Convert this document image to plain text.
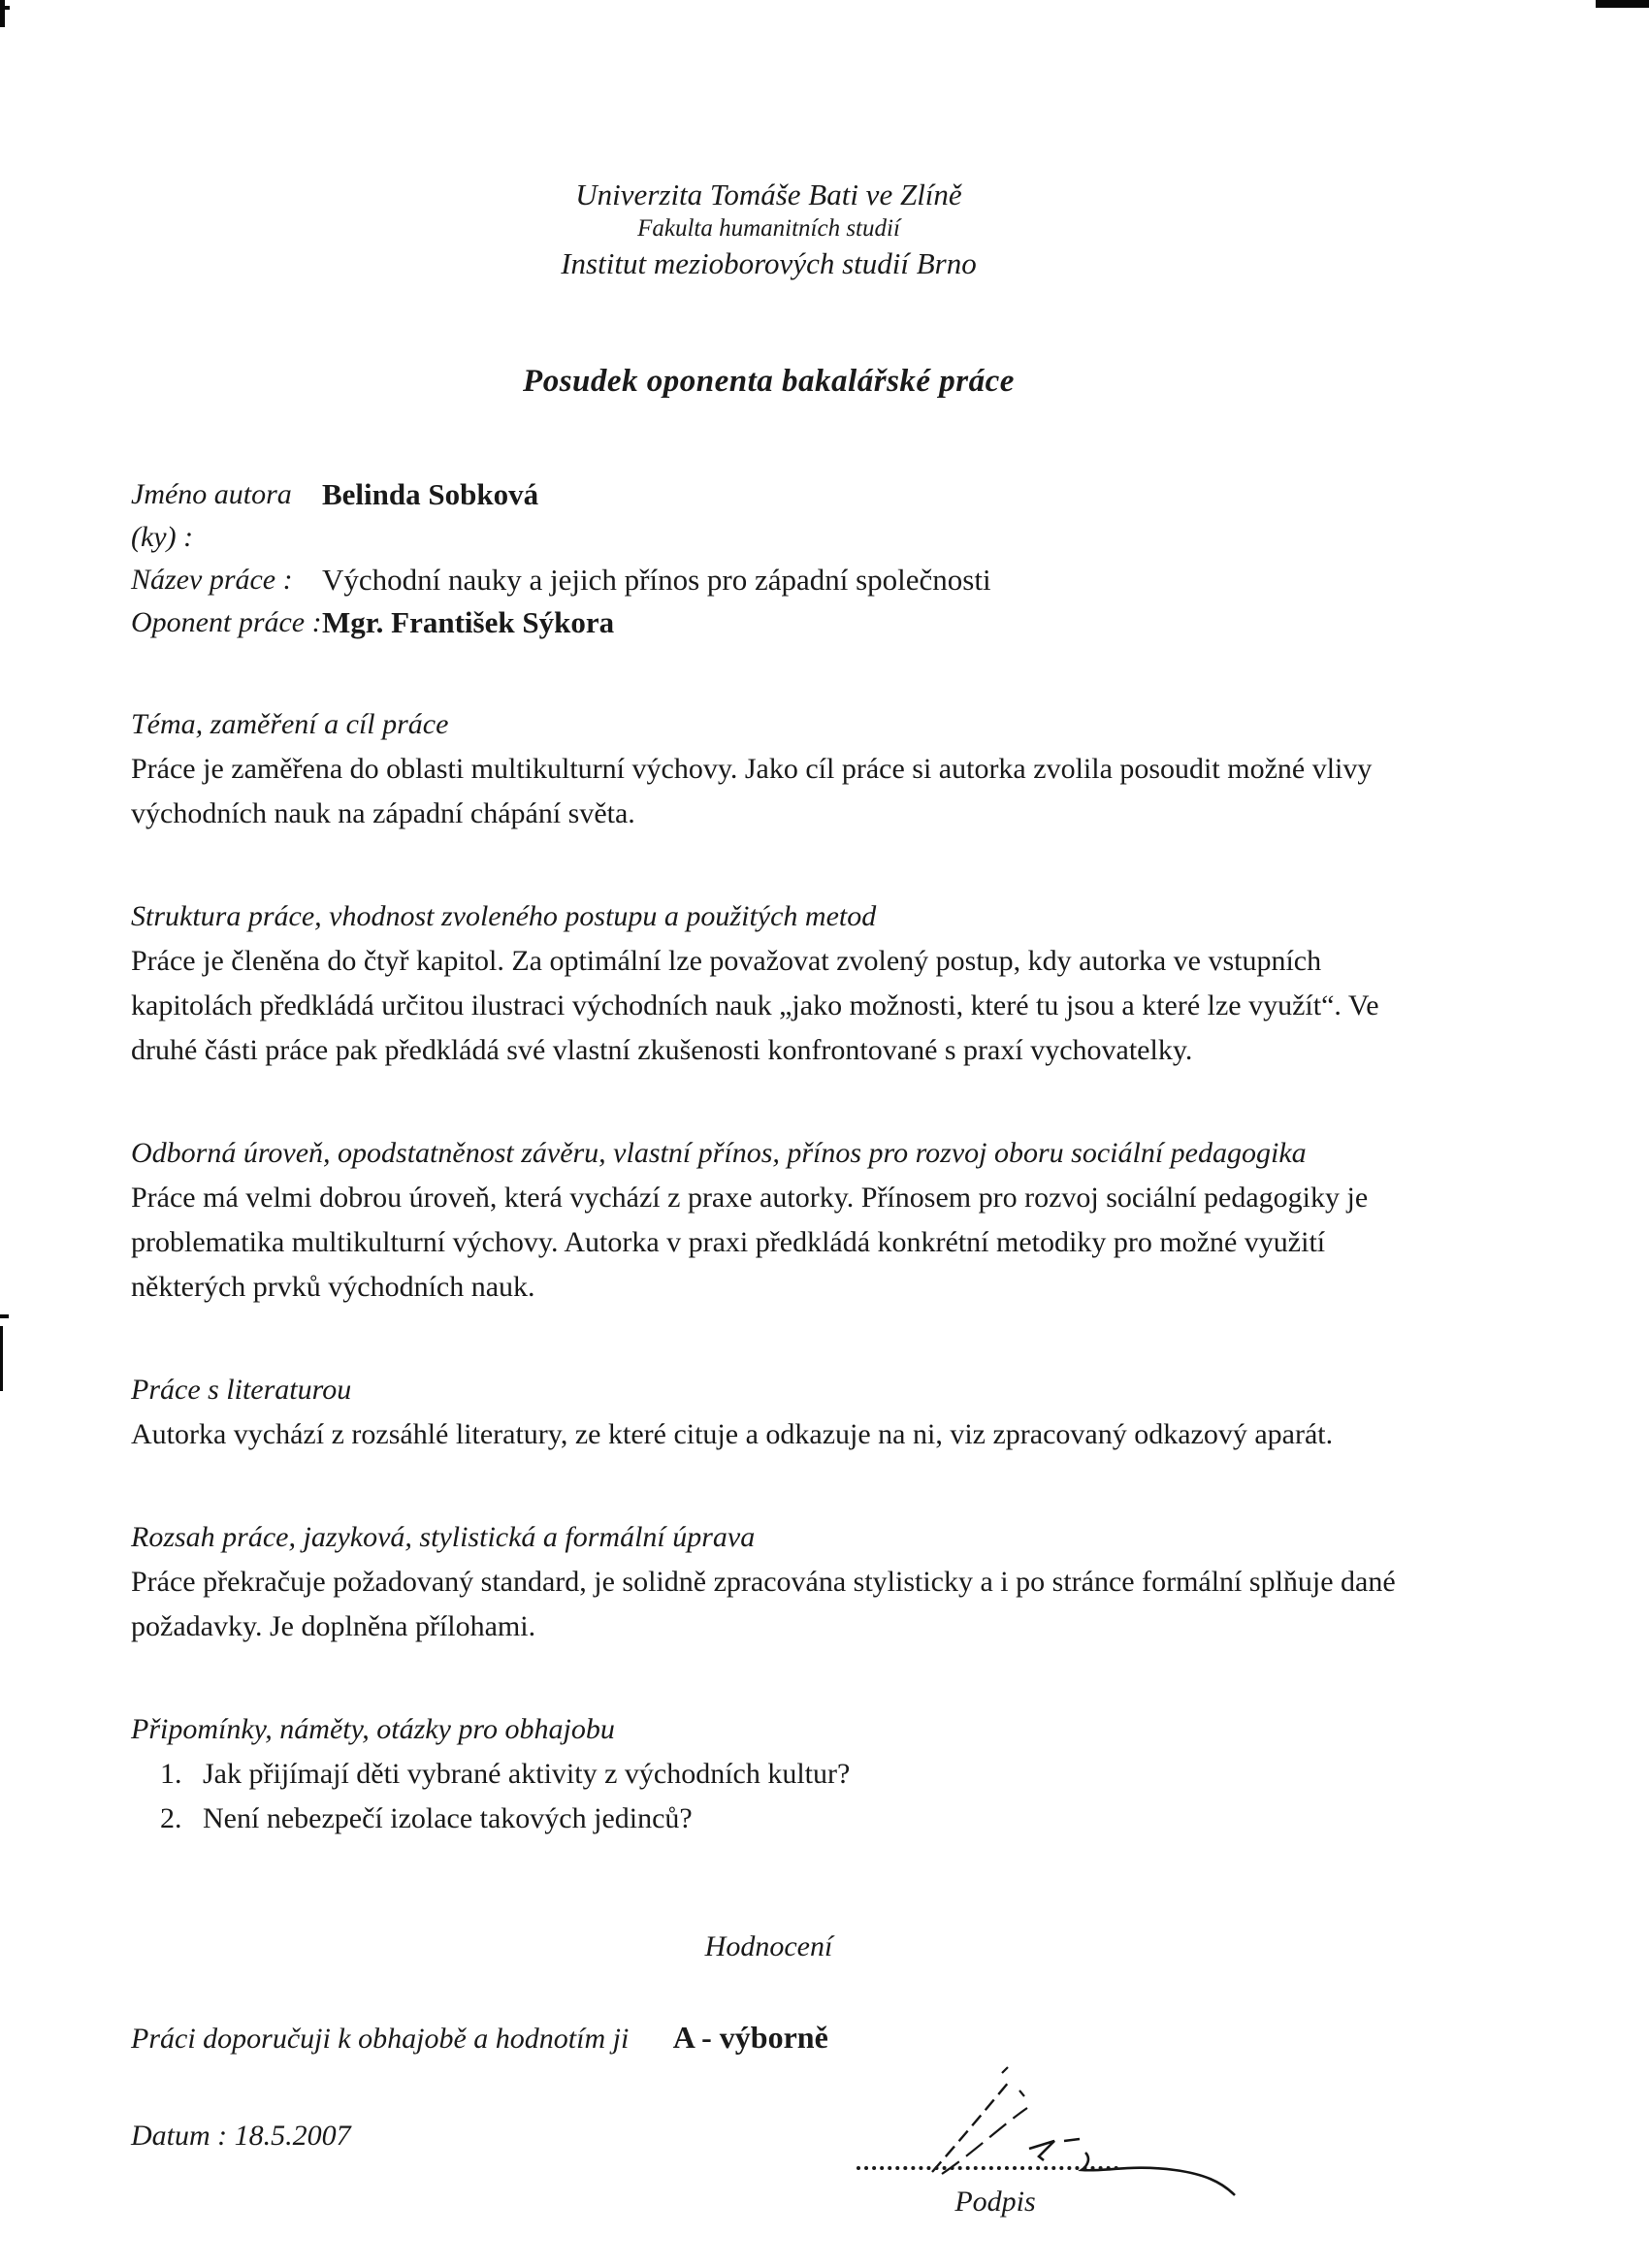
Univerzita Tomáše Bati ve Zlíně
Fakulta humanitních studií
Institut mezioborových studií Brno
Posudek oponenta bakalářské práce
Jméno autora (ky) :
Belinda Sobková
Název práce : Východní nauky a jejich přínos pro západní společnosti
Oponent práce : Mgr. František Sýkora
Téma, zaměření a cíl práce

Práce je zaměřena do oblasti multikulturní výchovy. Jako cíl práce si autorka zvolila posoudit možné vlivy východních nauk na západní chápání světa.

Struktura práce, vhodnost zvoleného postupu a použitých metod

Práce je členěna do čtyř kapitol. Za optimální lze považovat zvolený postup, kdy autorka ve vstupních kapitolách předkládá určitou ilustraci východních nauk „jako možnosti, které tu jsou a které lze využít“. Ve druhé části práce pak předkládá své vlastní zkušenosti konfrontované s praxí vychovatelky.

Odborná úroveň, opodstatněnost závěru, vlastní přínos, přínos pro rozvoj oboru sociální pedagogika

Práce má velmi dobrou úroveň, která vychází z praxe autorky. Přínosem pro rozvoj sociální pedagogiky je problematika multikulturní výchovy. Autorka v praxi předkládá konkrétní metodiky pro možné využití některých prvků východních nauk.

Práce s literaturou

Autorka vychází z rozsáhlé literatury, ze které cituje a odkazuje na ni, viz zpracovaný odkazový aparát.

Rozsah práce, jazyková, stylistická a formální úprava

Práce překračuje požadovaný standard, je solidně zpracována stylisticky a i po stránce formální splňuje dané požadavky. Je doplněna přílohami.

Připomínky, náměty, otázky pro obhajobu
1. Jak přijímají děti vybrané aktivity z východních kultur?
2. Není nebezpečí izolace takových jedinců?
Hodnocení
Práci doporučuji k obhajobě a hodnotím ji A - výborně
Datum : 18.5.2007
Podpis
